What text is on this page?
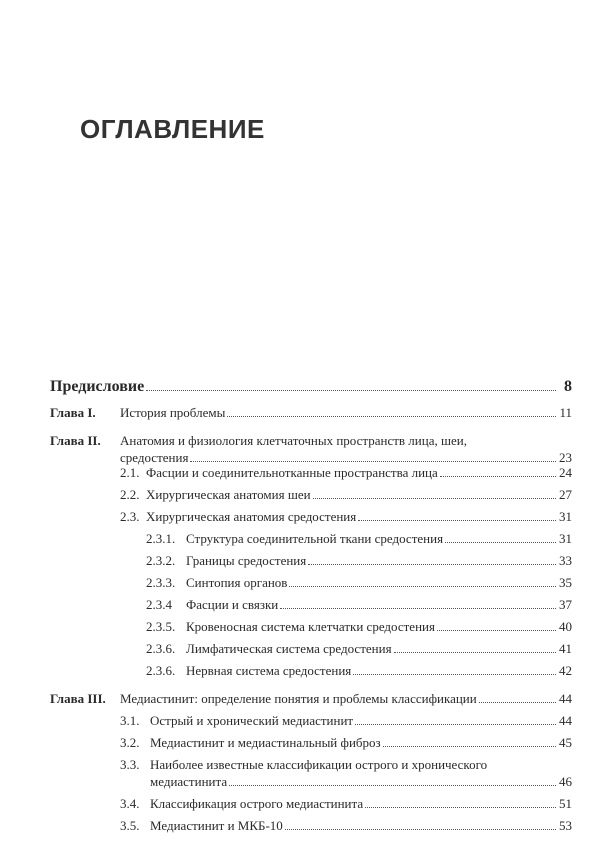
ОГЛАВЛЕНИЕ
Предисловие	8
Глава I. История проблемы	11
Глава II. Анатомия и физиология клетчаточных пространств лица, шеи,
средостения	23
2.1. Фасции и соединительнотканные пространства лица	24
2.2. Хирургическая анатомия шеи	27
2.3. Хирургическая анатомия средостения	31
2.3.1. Структура соединительной ткани средостения	31
2.3.2. Границы средостения	33
2.3.3. Синтопия органов	35
2.3.4 Фасции и связки	37
2.3.5. Кровеносная система клетчатки средостения	40
2.3.6. Лимфатическая система средостения	41
2.3.6. Нервная система средостения	42
Глава III. Медиастинит: определение понятия и проблемы классификации	44
3.1. Острый и хронический медиастинит	44
3.2. Медиастинит и медиастинальный фиброз	45
3.3. Наиболее известные классификации острого и хронического
медиастинита	46
3.4. Классификация острого медиастинита	51
3.5. Медиастинит и МКБ-10	53
